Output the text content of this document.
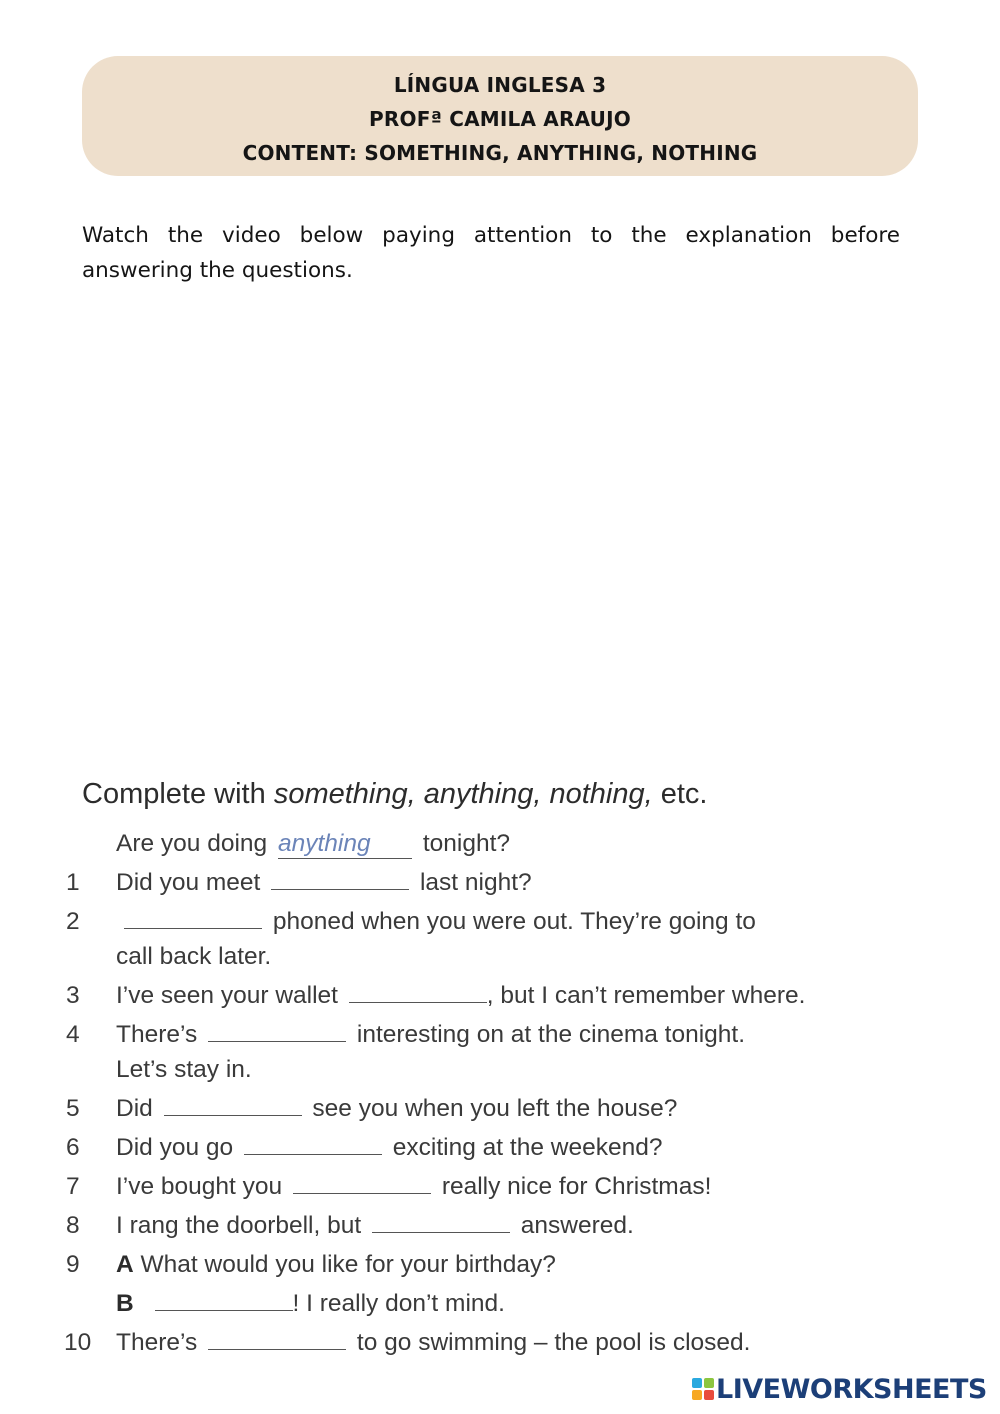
LÍNGUA INGLESA 3
PROFª CAMILA ARAUJO
CONTENT: SOMETHING, ANYTHING, NOTHING
Watch the video below paying attention to the explanation before answering the questions.
Complete with something, anything, nothing, etc.
Are you doing anything tonight?
1	Did you meet	last night?
2	phoned when you were out. They’re going to
call back later.
3	I’ve seen your wallet	, but I can’t remember where.
4	There’s	interesting on at the cinema tonight.
Let’s stay in.
5	Did	see you when you left the house?
6	Did you go	exciting at the weekend?
7	I’ve bought you	really nice for Christmas!
8	I rang the doorbell, but	answered.
9	A What would you like for your birthday?
B	! I really don’t mind.
10	There’s	to go swimming – the pool is closed.
LIVEWORKSHEETS
